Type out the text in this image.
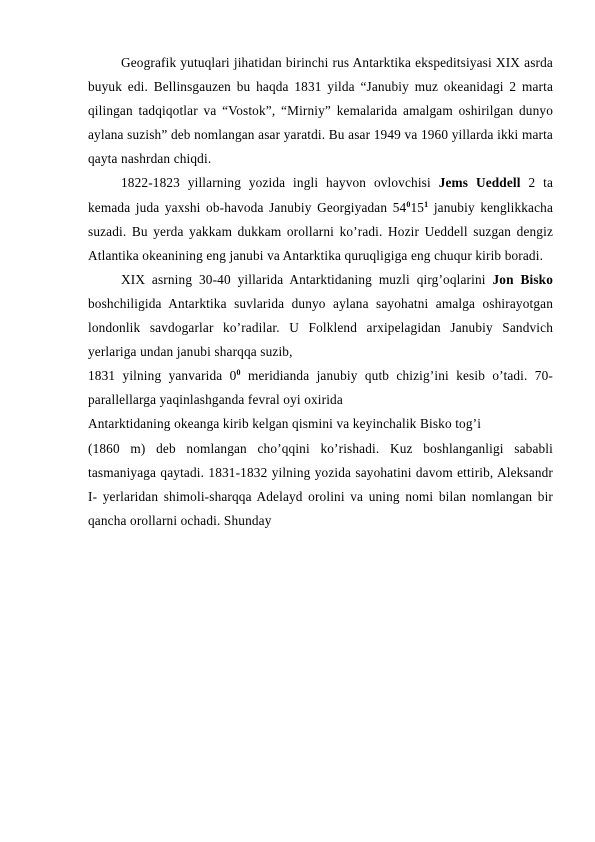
Geografik yutuqlari jihatidan birinchi rus Antarktika ekspeditsiyasi XIX asrda buyuk edi. Bellinsgauzen bu haqda 1831 yilda “Janubiy muz okeanidagi 2 marta qilingan tadqiqotlar va “Vostok”, “Mirniy” kemalarida amalgam oshirilgan dunyo aylana suzish” deb nomlangan asar yaratdi. Bu asar 1949 va 1960 yillarda ikki marta qayta nashrdan chiqdi.

1822-1823 yillarning yozida ingli hayvon ovlovchisi Jems Ueddell 2 ta kemada juda yaxshi ob-havoda Janubiy Georgiyadan $54^015^1$ janubiy kenglikkacha suzadi. Bu yerda yakkam dukkam orollarni ko’radi. Hozir Ueddell suzgan dengiz Atlantika okeanining eng janubi va Antarktika quruqligiga eng chuqur kirib boradi.

XIX asrning 30-40 yillarida Antarktidaning muzli qirg’oqlarini Jon Bisko boshchiligida Antarktika suvlarida dunyo aylana sayohatni amalga oshirayotgan londonlik savdogarlar ko’radilar. U Folklend arxipelagidan Janubiy Sandvich yerlariga undan janubi sharqqa suzib,

1831 yilning yanvarida $0^0$ meridianda janubiy qutb chizig’ini kesib o’tadi. 70- parallellarga yaqinlashganda fevral oyi oxirida

Antarktidaning okeanga kirib kelgan qismini va keyinchalik Bisko tog’i

(1860 m) deb nomlangan cho’qqini ko’rishadi. Kuz boshlanganligi sababli tasmaniyaga qaytadi. 1831-1832 yilning yozida sayohatini davom ettirib, Aleksandr I- yerlaridan shimoli-sharqqa Adelayd orolini va uning nomi bilan nomlangan bir qancha orollarni ochadi. Shunday
